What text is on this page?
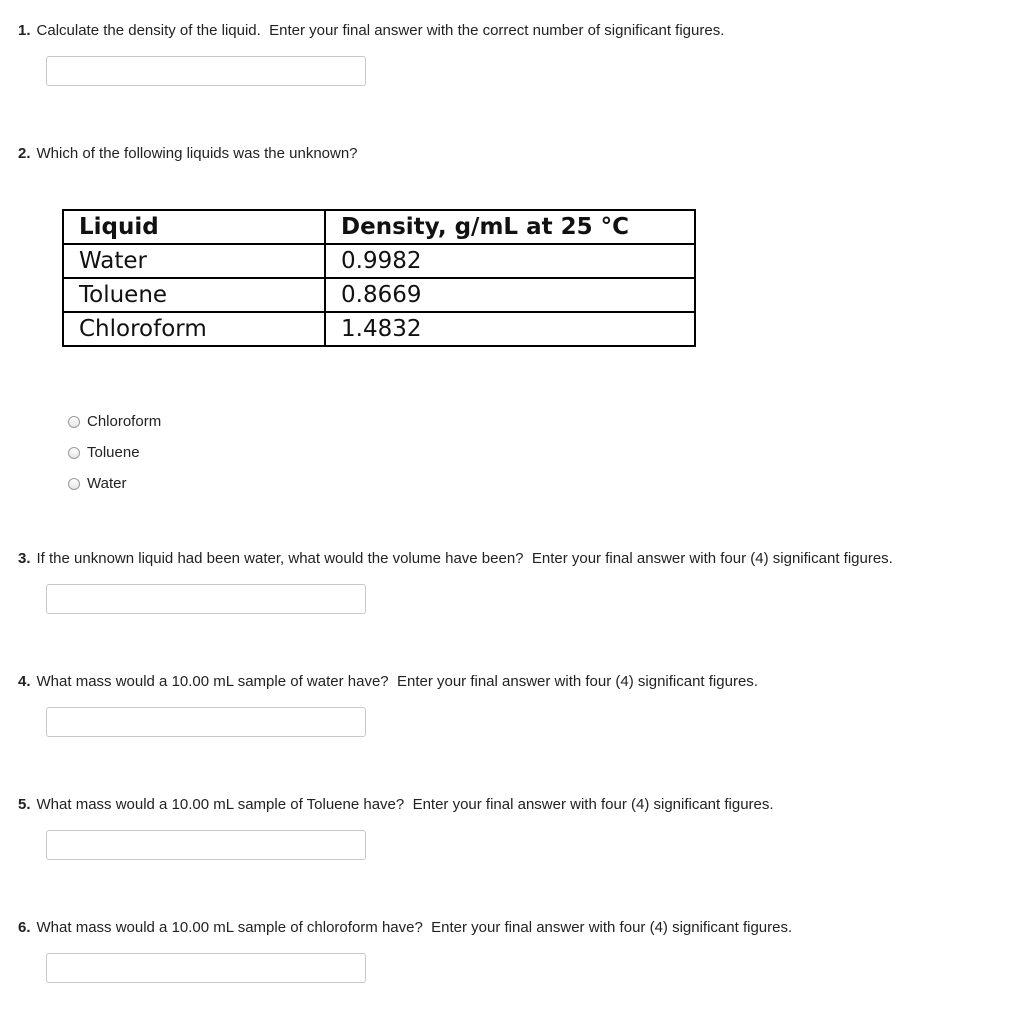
1. Calculate the density of the liquid.  Enter your final answer with the correct number of significant figures.
2. Which of the following liquids was the unknown?
Liquid	Density, g/mL at 25 °C
Water	0.9982
Toluene	0.8669
Chloroform	1.4832
Chloroform
Toluene
Water
3. If the unknown liquid had been water, what would the volume have been?  Enter your final answer with four (4) significant figures.
4. What mass would a 10.00 mL sample of water have?  Enter your final answer with four (4) significant figures.
5. What mass would a 10.00 mL sample of Toluene have?  Enter your final answer with four (4) significant figures.
6. What mass would a 10.00 mL sample of chloroform have?  Enter your final answer with four (4) significant figures.
